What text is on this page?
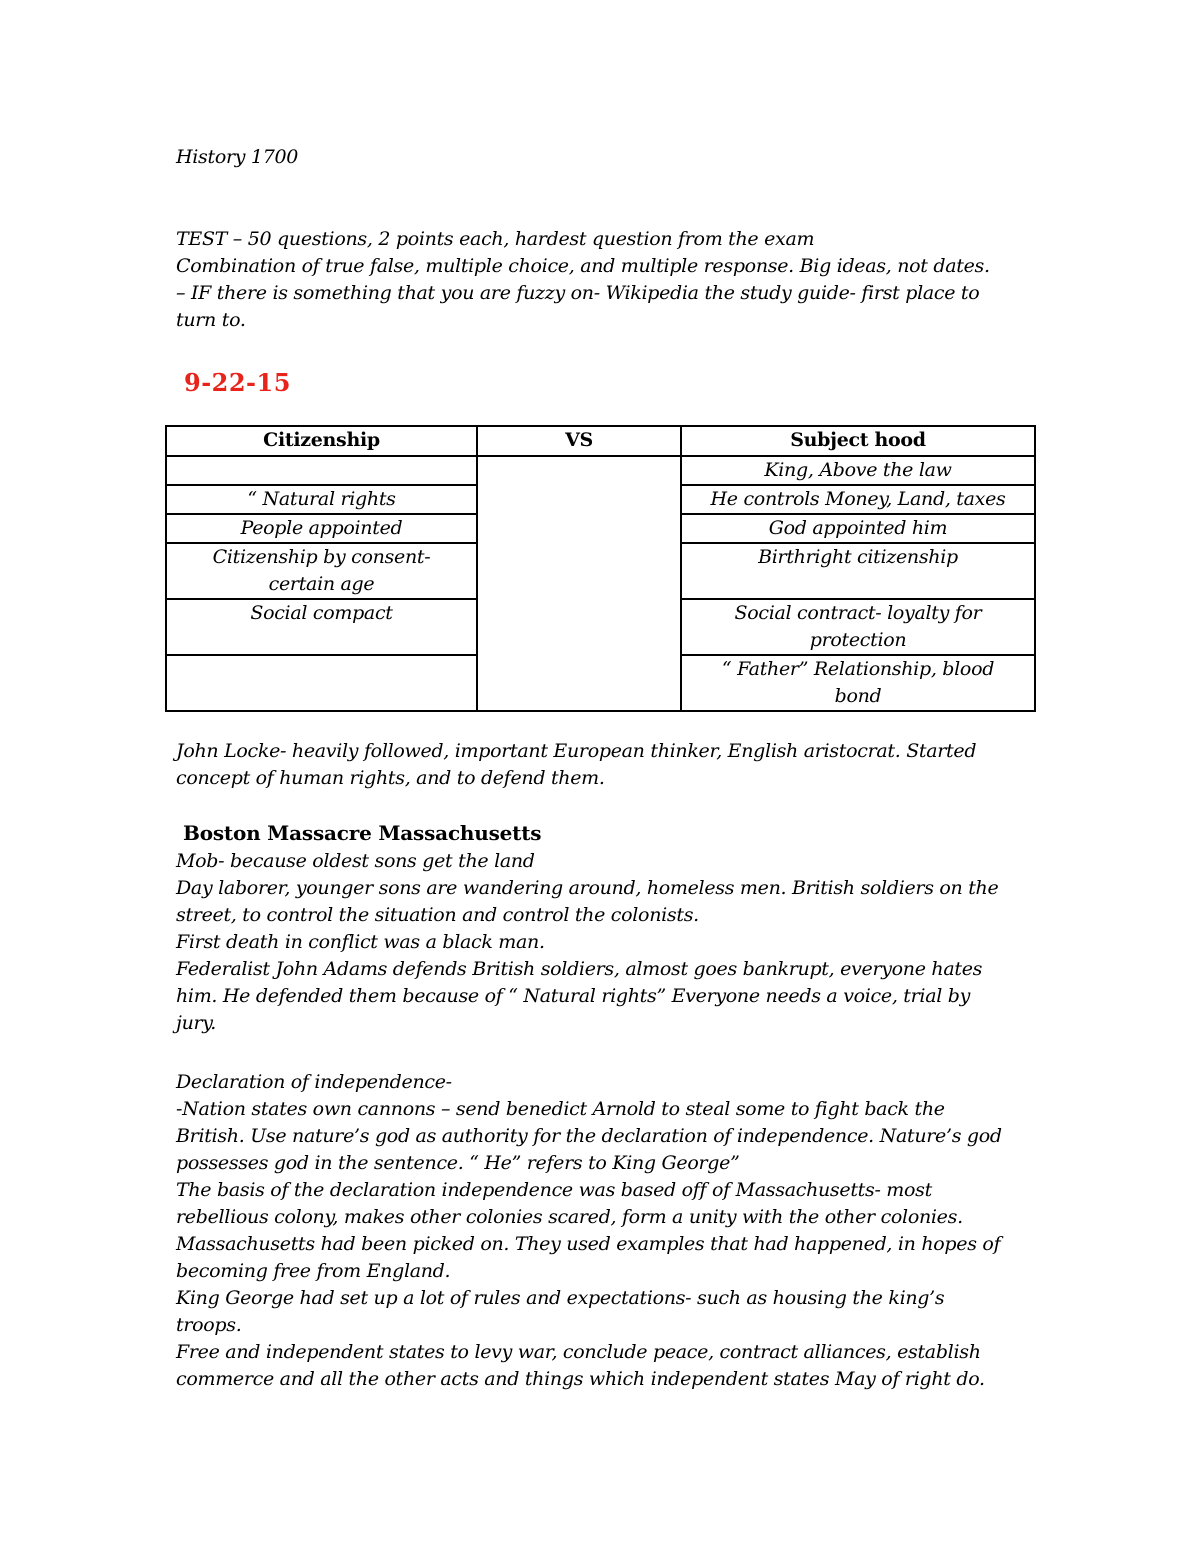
History 1700
TEST – 50 questions, 2 points each, hardest question from the exam
Combination of true false, multiple choice, and multiple response. Big ideas, not dates.
– IF there is something that you are fuzzy on- Wikipedia the study guide- first place to
turn to.
9-22-15
Citizenship	VS	Subject hood
		King, Above the law
“ Natural rights		He controls Money, Land, taxes
People appointed		God appointed him

Citizenship by consent-
certain age		Birthright citizenship
Social compact		Social contract- loyalty for
protection

		“ Father” Relationship, blood
bond
John Locke- heavily followed, important European thinker, English aristocrat. Started
concept of human rights, and to defend them.
Boston Massacre Massachusetts
Mob- because oldest sons get the land
Day laborer, younger sons are wandering around, homeless men. British soldiers on the
street, to control the situation and control the colonists.
First death in conflict was a black man.
Federalist John Adams defends British soldiers, almost goes bankrupt, everyone hates
him. He defended them because of “ Natural rights” Everyone needs a voice, trial by
jury.
Declaration of independence-
-Nation states own cannons – send benedict Arnold to steal some to fight back the
British. Use nature’s god as authority for the declaration of independence. Nature’s god
possesses god in the sentence. “ He” refers to King George”
The basis of the declaration independence was based off of Massachusetts- most
rebellious colony, makes other colonies scared, form a unity with the other colonies.
Massachusetts had been picked on. They used examples that had happened, in hopes of
becoming free from England.
King George had set up a lot of rules and expectations- such as housing the king’s
troops.
Free and independent states to levy war, conclude peace, contract alliances, establish
commerce and all the other acts and things which independent states May of right do.
